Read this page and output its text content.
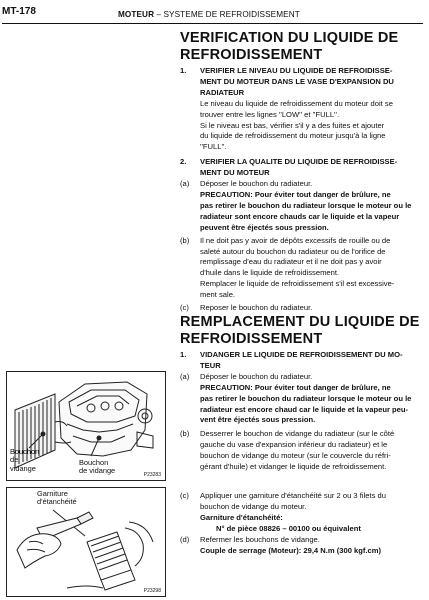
MT-178	MOTEUR – SYSTEME DE REFROIDISSEMENT
VERIFICATION DU LIQUIDE DE
REFROIDISSEMENT
1.	VERIFIER LE NIVEAU DU LIQUIDE DE REFROIDISSE-
MENT DU MOTEUR DANS LE VASE D'EXPANSION DU
RADIATEUR
Le niveau du liquide de refroidissement du moteur doit se
trouver entre les lignes ''LOW'' et ''FULL''.
Si le niveau est bas, vérifier s'il y a des fuites et ajouter
du liquide de refroidissement du moteur jusqu'à la ligne
''FULL''.
2.	VERIFIER LA QUALITE DU LIQUIDE DE REFROIDISSE-
MENT DU MOTEUR
(a)	Déposer le bouchon du radiateur.
PRECAUTION: Pour éviter tout danger de brûlure, ne
pas retirer le bouchon du radiateur lorsque le moteur ou le
radiateur sont encore chauds car le liquide et la vapeur
peuvent être éjectés sous pression.
(b)	Il ne doit pas y avoir de dépôts excessifs de rouille ou de
saleté autour du bouchon du radiateur ou de l'orifice de
remplissage d'eau du radiateur et il ne doit pas y avoir
d'huile dans le liquide de refroidissement.
Remplacer le liquide de refroidissement s'il est excessive-
ment sale.
(c)	Reposer le bouchon du radiateur.
REMPLACEMENT DU LIQUIDE DE
REFROIDISSEMENT
1.	VIDANGER LE LIQUIDE DE REFROIDISSEMENT DU MO-
TEUR
(a)	Déposer le bouchon du radiateur.
PRECAUTION: Pour éviter tout danger de brûlure, ne
pas retirer le bouchon du radiateur lorsque le moteur ou le
radiateur est encore chaud car le liquide et la vapeur peu-
vent être éjectés sous pression.
(b)	Desserrer le bouchon de vidange du radiateur (sur le côté
gauche du vase d'expansion inférieur du radiateur) et le
bouchon de vidange du moteur (sur le couvercle du réfri-
gérant d'huile) et vidanger le liquide de refroidissement.
(c)	Appliquer une garniture d'étanchéité sur 2 ou 3 filets du
bouchon de vidange du moteur.
Garniture d'étanchéité:
N° de pièce 08826 – 00100 ou équivalent
(d)	Refermer les bouchons de vidange.
Couple de serrage (Moteur): 29,4 N.m (300 kgf.cm)
Bouchon
de
vidange
Bouchon
de vidange	P23283
Garniture
d'étanchéité
P23298
